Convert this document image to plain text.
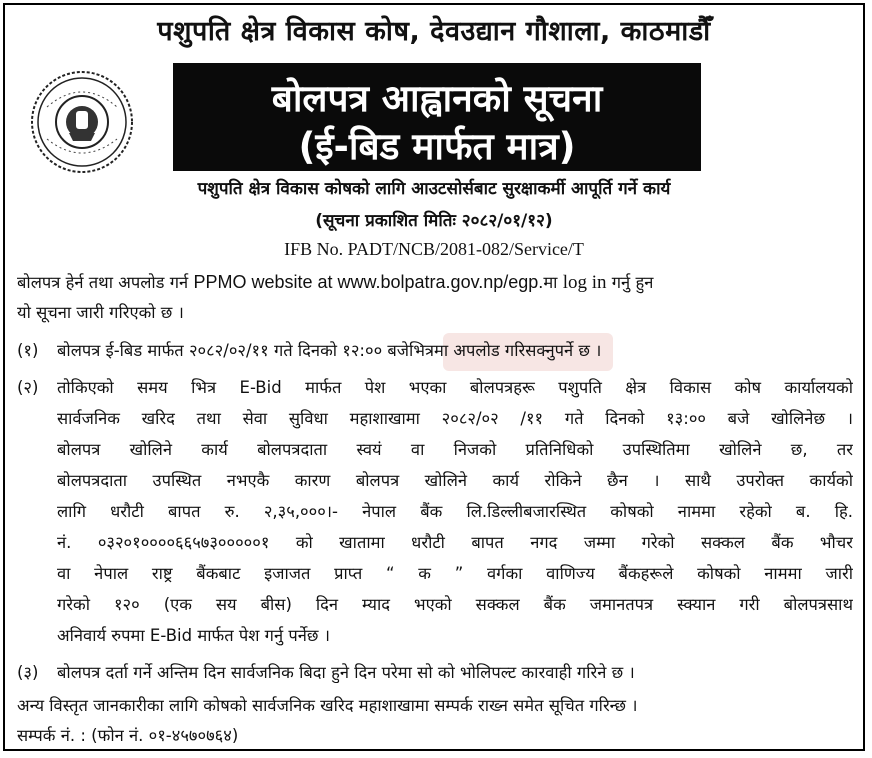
पशुपति क्षेत्र विकास कोष, देवउद्यान गौशाला, काठमाडौँ
बोलपत्र आह्वानको सूचना
(ई-बिड मार्फत मात्र)
पशुपति क्षेत्र विकास कोषको लागि आउटसोर्सबाट सुरक्षाकर्मी आपूर्ति गर्ने कार्य
(सूचना प्रकाशित मितिः २०८२/०१/१२)
IFB No. PADT/NCB/2081-082/Service/T
बोलपत्र हेर्न तथा अपलोड गर्न PPMO website at www.bolpatra.gov.np/egp.मा log in गर्नु हुन
यो सूचना जारी गरिएको छ ।
(१) बोलपत्र ई-बिड मार्फत २०८२/०२/११ गते दिनको १२:०० बजेभित्रमा अपलोड गरिसक्नुपर्ने छ ।
(२) तोकिएको समय भित्र E-Bid मार्फत पेश भएका बोलपत्रहरू पशुपति क्षेत्र विकास कोष कार्यालयको
सार्वजनिक खरिद तथा सेवा सुविधा महाशाखामा २०८२/०२ /११ गते दिनको १३:०० बजे खोलिनेछ ।
बोलपत्र खोलिने कार्य बोलपत्रदाता स्वयं वा निजको प्रतिनिधिको उपस्थितिमा खोलिने छ, तर
बोलपत्रदाता उपस्थित नभएकै कारण बोलपत्र खोलिने कार्य रोकिने छैन । साथै उपरोक्त कार्यको
लागि धरौटी बापत रु. २,३५,०००।- नेपाल बैंक लि.डिल्लीबजारस्थित कोषको नाममा रहेको ब. हि.
नं. ०३२०१००००६६५७३०००००१ को खातामा धरौटी बापत नगद जम्मा गरेको सक्कल बैंक भौचर
वा नेपाल राष्ट्र बैंकबाट इजाजत प्राप्त “ क ” वर्गका वाणिज्य बैंकहरूले कोषको नाममा जारी
गरेको १२० (एक सय बीस) दिन म्याद भएको सक्कल बैंक जमानतपत्र स्क्यान गरी बोलपत्रसाथ
अनिवार्य रुपमा E-Bid मार्फत पेश गर्नु पर्नेछ ।
(३) बोलपत्र दर्ता गर्ने अन्तिम दिन सार्वजनिक बिदा हुने दिन परेमा सो को भोलिपल्ट कारवाही गरिने छ ।
अन्य विस्तृत जानकारीका लागि कोषको सार्वजनिक खरिद महाशाखामा सम्पर्क राख्न समेत सूचित गरिन्छ ।
सम्पर्क नं. : (फोन नं. ०१-४५७०७६४)
